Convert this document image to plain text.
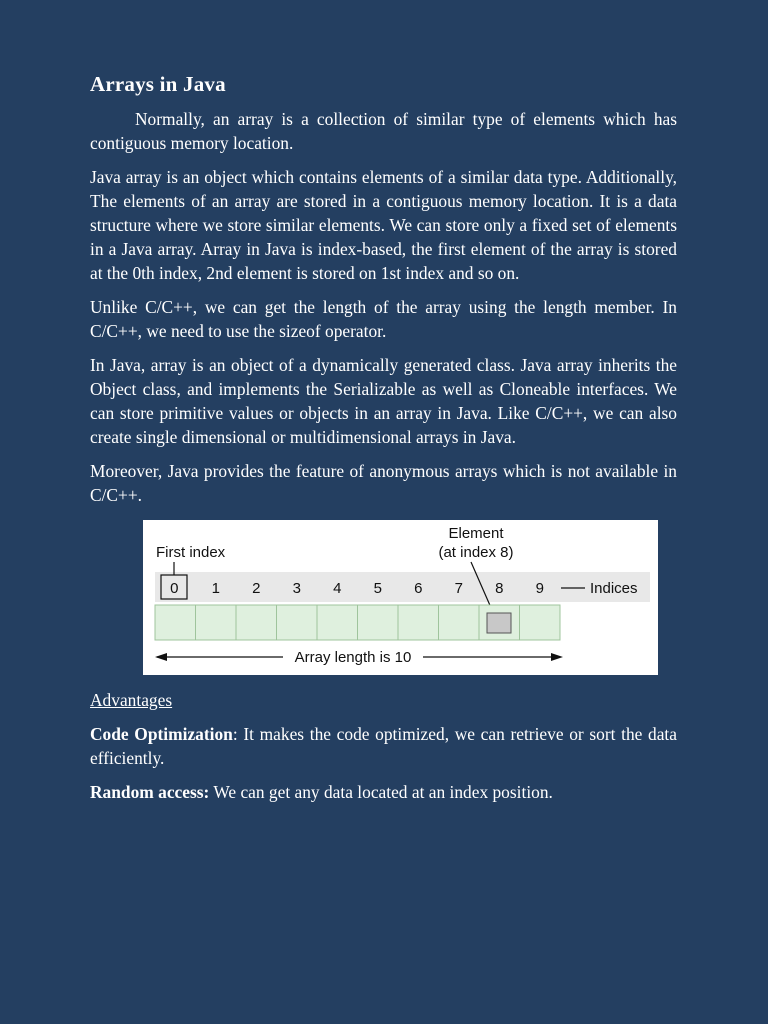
Arrays in Java

Normally, an array is a collection of similar type of elements which has contiguous memory location.

Java array is an object which contains elements of a similar data type. Additionally, The elements of an array are stored in a contiguous memory location. It is a data structure where we store similar elements. We can store only a fixed set of elements in a Java array. Array in Java is index-based, the first element of the array is stored at the 0th index, 2nd element is stored on 1st index and so on.

Unlike C/C++, we can get the length of the array using the length member. In C/C++, we need to use the sizeof operator.

In Java, array is an object of a dynamically generated class. Java array inherits the Object class, and implements the Serializable as well as Cloneable interfaces. We can store primitive values or objects in an array in Java. Like C/C++, we can also create single dimensional or multidimensional arrays in Java.

Moreover, Java provides the feature of anonymous arrays which is not available in C/C++.

First index
Element
(at index 8)
Indices
0 1 2 3 4 5 6 7 8 9
Array length is 10
Advantages

Code Optimization: It makes the code optimized, we can retrieve or sort the data efficiently.

Random access: We can get any data located at an index position.
